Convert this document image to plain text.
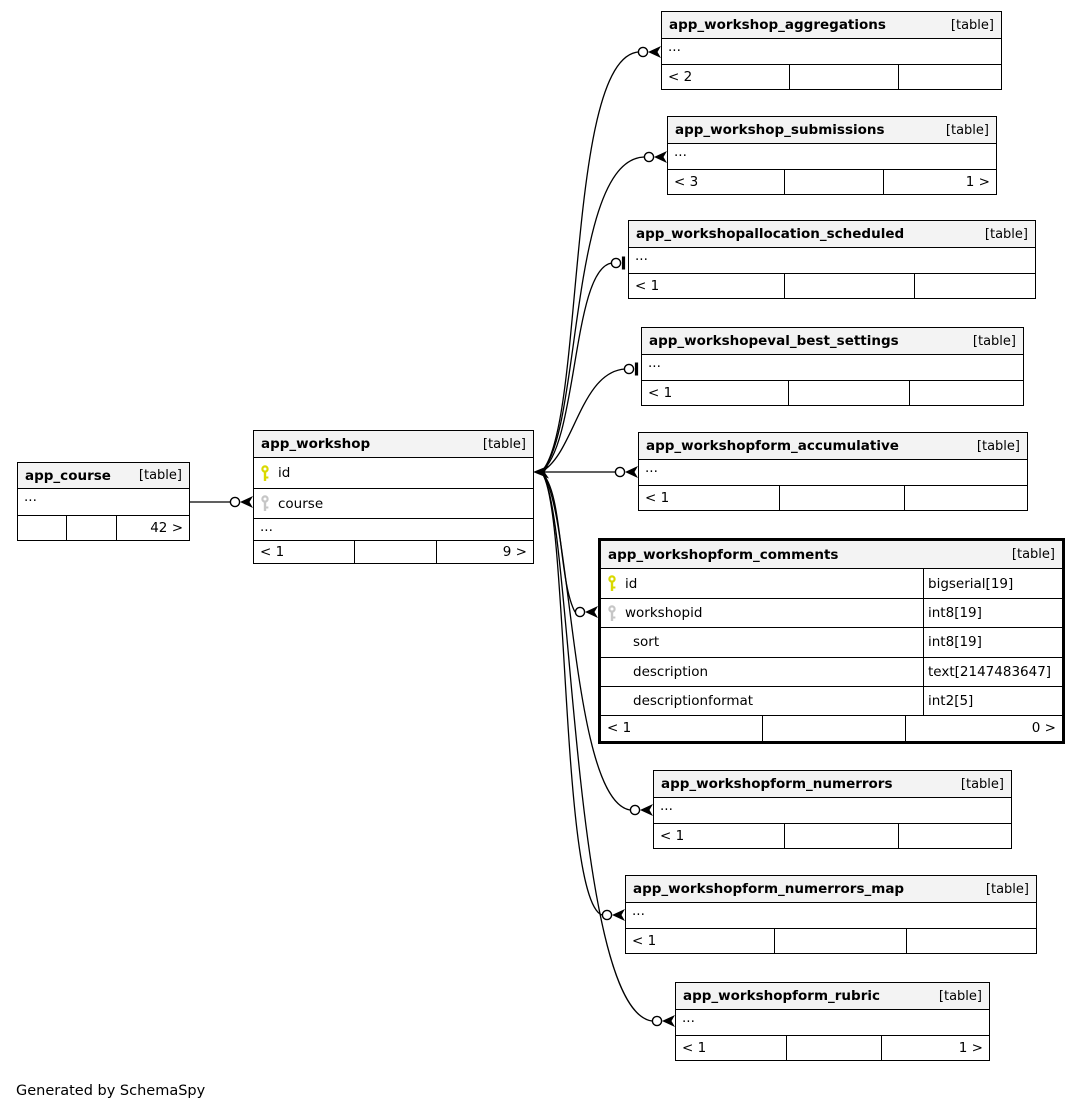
app_course [table]
...
42 >
app_workshop	[table]
id
course
...
< 1	9 >
app_workshop_aggregations	[table]
...
< 2
app_workshop_submissions	[table]
...
< 3	1 >
app_workshopallocation_scheduled	[table]
...
< 1
app_workshopeval_best_settings	[table]
...
< 1
app_workshopform_accumulative	[table]
...
< 1
app_workshopform_comments	[table]
id	bigserial[19]
workshopid	int8[19]
sort	int8[19]
description	text[2147483647]
descriptionformat	int2[5]
< 1	0 >
app_workshopform_numerrors	[table]
...
< 1
app_workshopform_numerrors_map	[table]
...
< 1
app_workshopform_rubric	[table]
...
< 1	1 >
Generated by SchemaSpy
